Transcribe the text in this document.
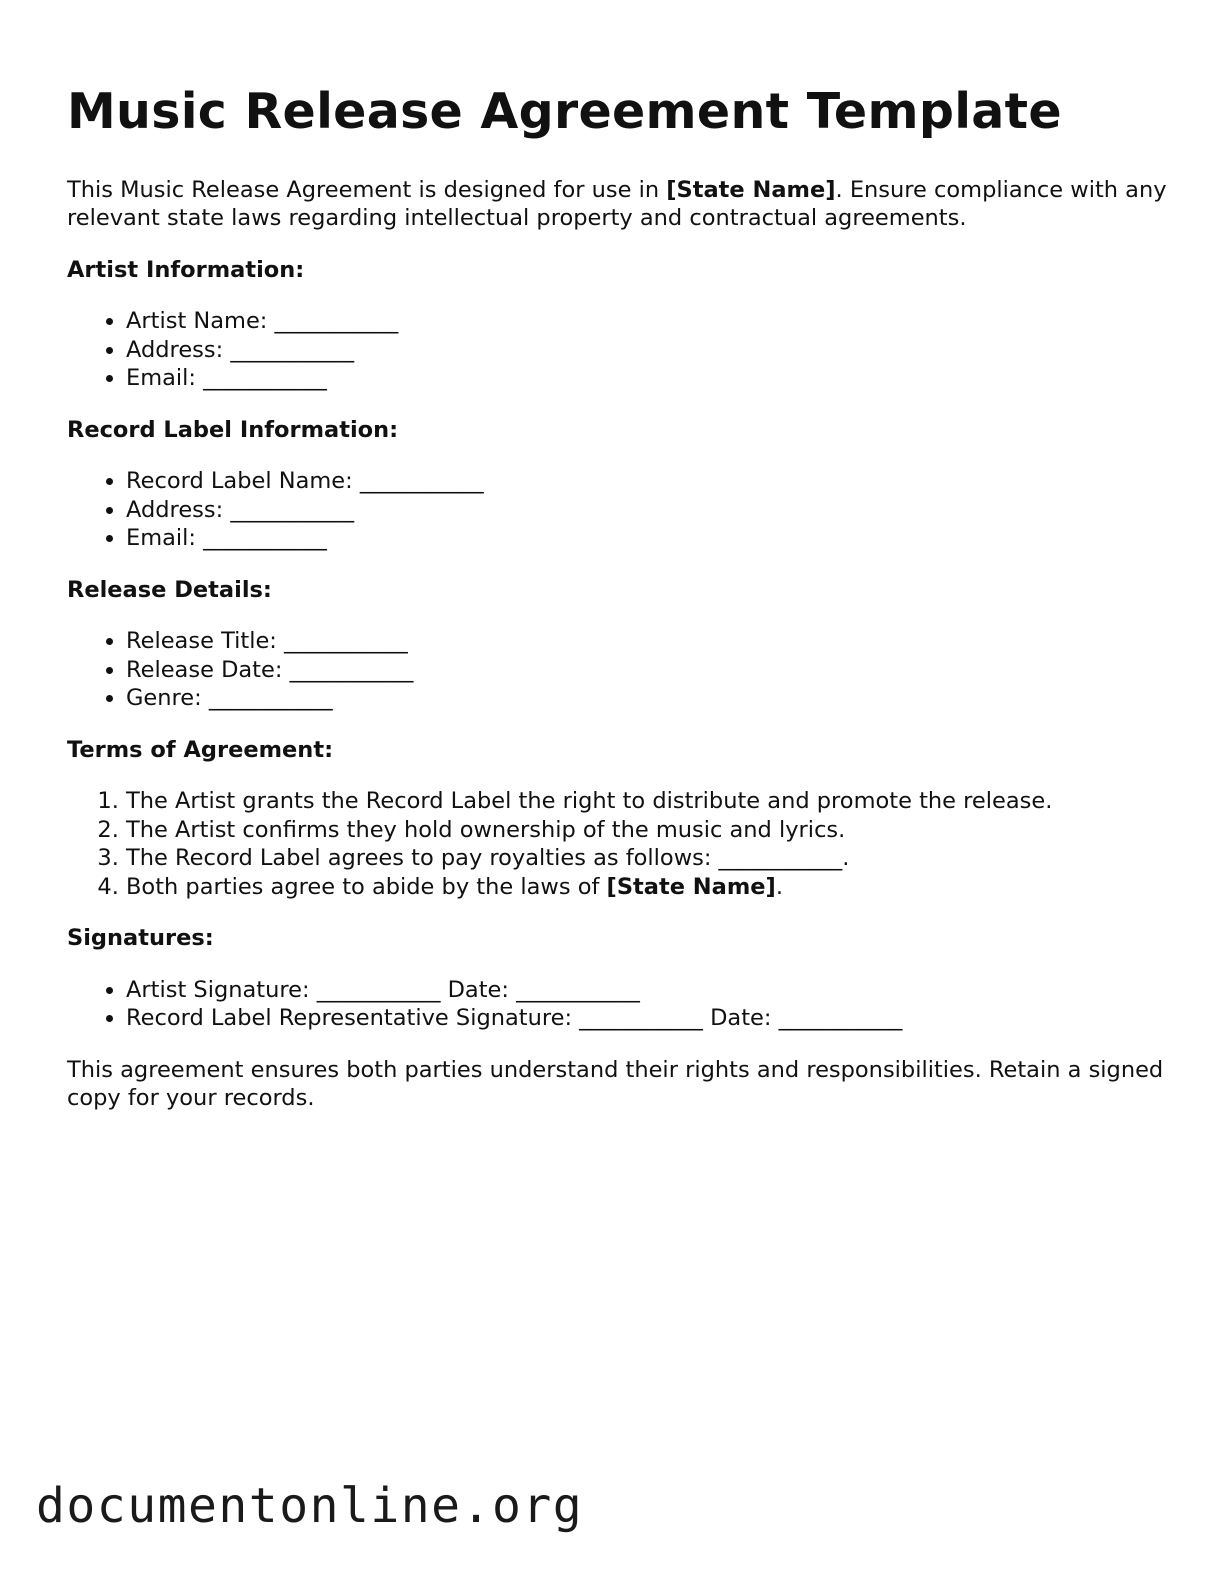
Music Release Agreement Template

This Music Release Agreement is designed for use in [State Name]. Ensure compliance with any relevant state laws regarding intellectual property and contractual agreements.

Artist Information:
• Artist Name: ___________
• Address: ___________
• Email: ___________
Record Label Information:
• Record Label Name: ___________
• Address: ___________
• Email: ___________
Release Details:
• Release Title: ___________
• Release Date: ___________
• Genre: ___________
Terms of Agreement:
1. The Artist grants the Record Label the right to distribute and promote the release.
2. The Artist confirms they hold ownership of the music and lyrics.
3. The Record Label agrees to pay royalties as follows: ___________.
4. Both parties agree to abide by the laws of [State Name].
Signatures:
• Artist Signature: ___________ Date: ___________
• Record Label Representative Signature: ___________ Date: ___________

This agreement ensures both parties understand their rights and responsibilities. Retain a signed copy for your records.

documentonline.org
